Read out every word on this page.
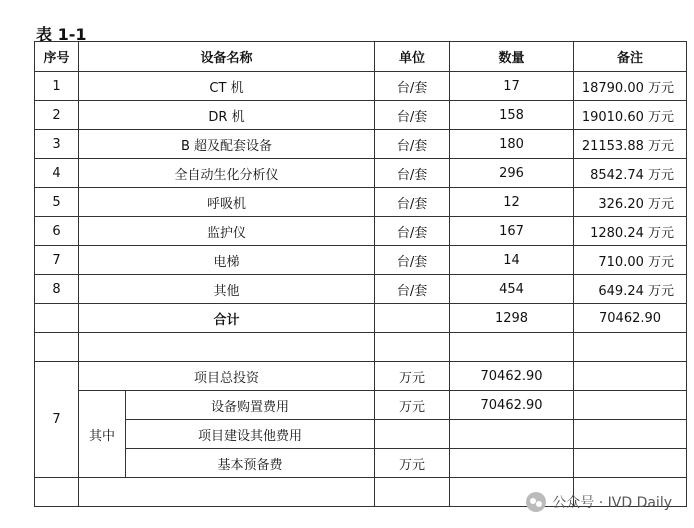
表 1-1
序号	设备名称		单位	数量	备注
1	CT 机		台/套	17	18790.00 万元
2	DR 机		台/套	158	19010.60 万元
3	B 超及配套设备		台/套	180	21153.88 万元
4	全自动生化分析仪		台/套	296	8542.74 万元
5	呼吸机		台/套	12	326.20 万元
6	监护仪		台/套	167	1280.24 万元
7	电梯		台/套	14	710.00 万元
8	其他		台/套	454	649.24 万元
	合计			1298	70462.90

7	项目总投资		万元	70462.90	
	其中	设备购置费用	万元	70462.90	
		项目建设其他费用			
		基本预备费	万元		

公众号 · IVD Daily
